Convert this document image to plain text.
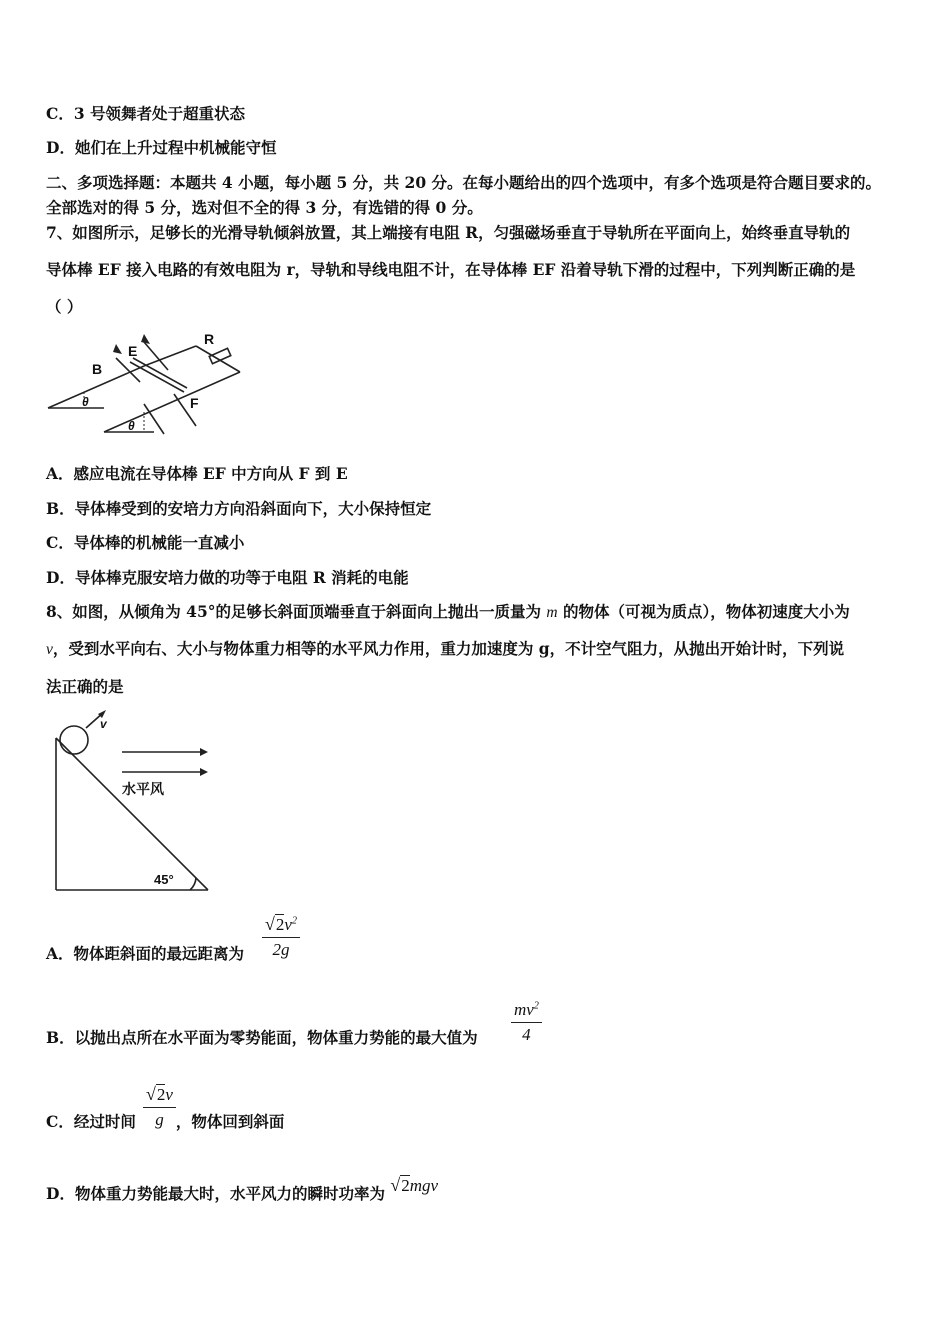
C．3 号领舞者处于超重状态
D．她们在上升过程中机械能守恒
二、多项选择题：本题共 4 小题，每小题 5 分，共 20 分。在每小题给出的四个选项中，有多个选项是符合题目要求的。
全部选对的得 5 分，选对但不全的得 3 分，有选错的得 0 分。
7、如图所示，足够长的光滑导轨倾斜放置，其上端接有电阻 R，匀强磁场垂直于导轨所在平面向上，始终垂直导轨的
导体棒 EF 接入电路的有效电阻为 r，导轨和导线电阻不计，在导体棒 EF 沿着导轨下滑的过程中，下列判断正确的是
（ ）
B
E
R
F
θ
θ
A．感应电流在导体棒 EF 中方向从 F 到 E
B．导体棒受到的安培力方向沿斜面向下，大小保持恒定
C．导体棒的机械能一直减小
D．导体棒克服安培力做的功等于电阻 R 消耗的电能
8、如图，从倾角为 45°的足够长斜面顶端垂直于斜面向上抛出一质量为 m 的物体（可视为质点），物体初速度大小为
v，受到水平向右、大小与物体重力相等的水平风力作用，重力加速度为 g，不计空气阻力，从抛出开始计时，下列说
法正确的是
v
水平风
45°
A．物体距斜面的最远距离为 $\frac{√2v^2}{2g}$
B．以抛出点所在水平面为零势能面，物体重力势能的最大值为 $\frac{mv^2}{4}$
C．经过时间	，物体回到斜面
$\frac{√2v}{g}$
D．物体重力势能最大时，水平风力的瞬时功率为 √2mgv
